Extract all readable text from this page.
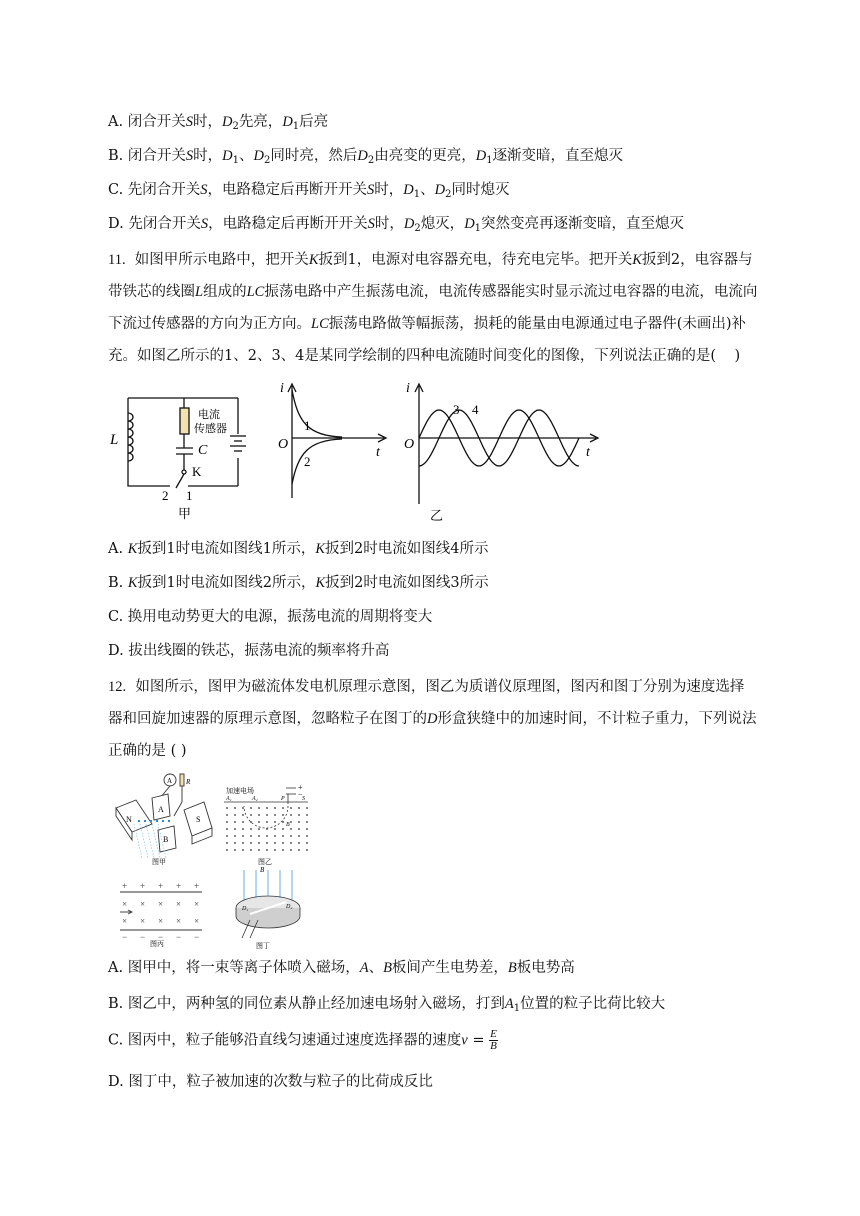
A. 闭合开关S时，$D_2$先亮，$D_1$后亮
B. 闭合开关S时，$D_1$、$D_2$同时亮，然后$D_2$由亮变的更亮，$D_1$逐渐变暗，直至熄灭
C. 先闭合开关S，电路稳定后再断开开关S时，$D_1$、$D_2$同时熄灭
D. 先闭合开关S，电路稳定后再断开开关S时，$D_2$熄灭，$D_1$突然变亮再逐渐变暗，直至熄灭
11.  如图甲所示电路中，把开关K扳到1，电源对电容器充电，待充电完毕。把开关K扳到2，电容器与
带铁芯的线圈L组成的LC振荡电路中产生振荡电流，电流传感器能实时显示流过电容器的电流，电流向
下流过传感器的方向为正方向。LC振荡电路做等幅振荡，损耗的能量由电源通过电子器件(未画出)补
充。如图乙所示的1、2、3、4是某同学绘制的四种电流随时间变化的图像，下列说法正确的是(    )
L
电流
传感器
C
K
2 1
甲
i
t
O
1
2
i
t
O
3 4
乙
A. K扳到1时电流如图线1所示，K扳到2时电流如图线4所示
B. K扳到1时电流如图线2所示，K扳到2时电流如图线3所示
C. 换用电动势更大的电源，振荡电流的周期将变大
D. 拔出线圈的铁芯，振荡电流的频率将升高
12. 如图所示，图甲为磁流体发电机原理示意图，图乙为质谱仪原理图，图丙和图丁分别为速度选择
器和回旋加速器的原理示意图，忽略粒子在图丁的D形盒狭缝中的加速时间，不计粒子重力，下列说法
正确的是 ( )
A R
N	S
A
B
图甲
加速电场	+
−
A₁	A₂	P	S
B
图乙
+ + + + +
× × × × ×
× × × × ×
− − − − −
图丙
B
D₁	D₂
图丁
A. 图甲中，将一束等离子体喷入磁场，A、B板间产生电势差，B板电势高
B. 图乙中，两种氢的同位素从静止经加速电场射入磁场，打到$A_1$位置的粒子比荷比较大
C. 图丙中，粒子能够沿直线匀速通过速度选择器的速度$v = \frac{E}{B}$
D. 图丁中，粒子被加速的次数与粒子的比荷成反比
